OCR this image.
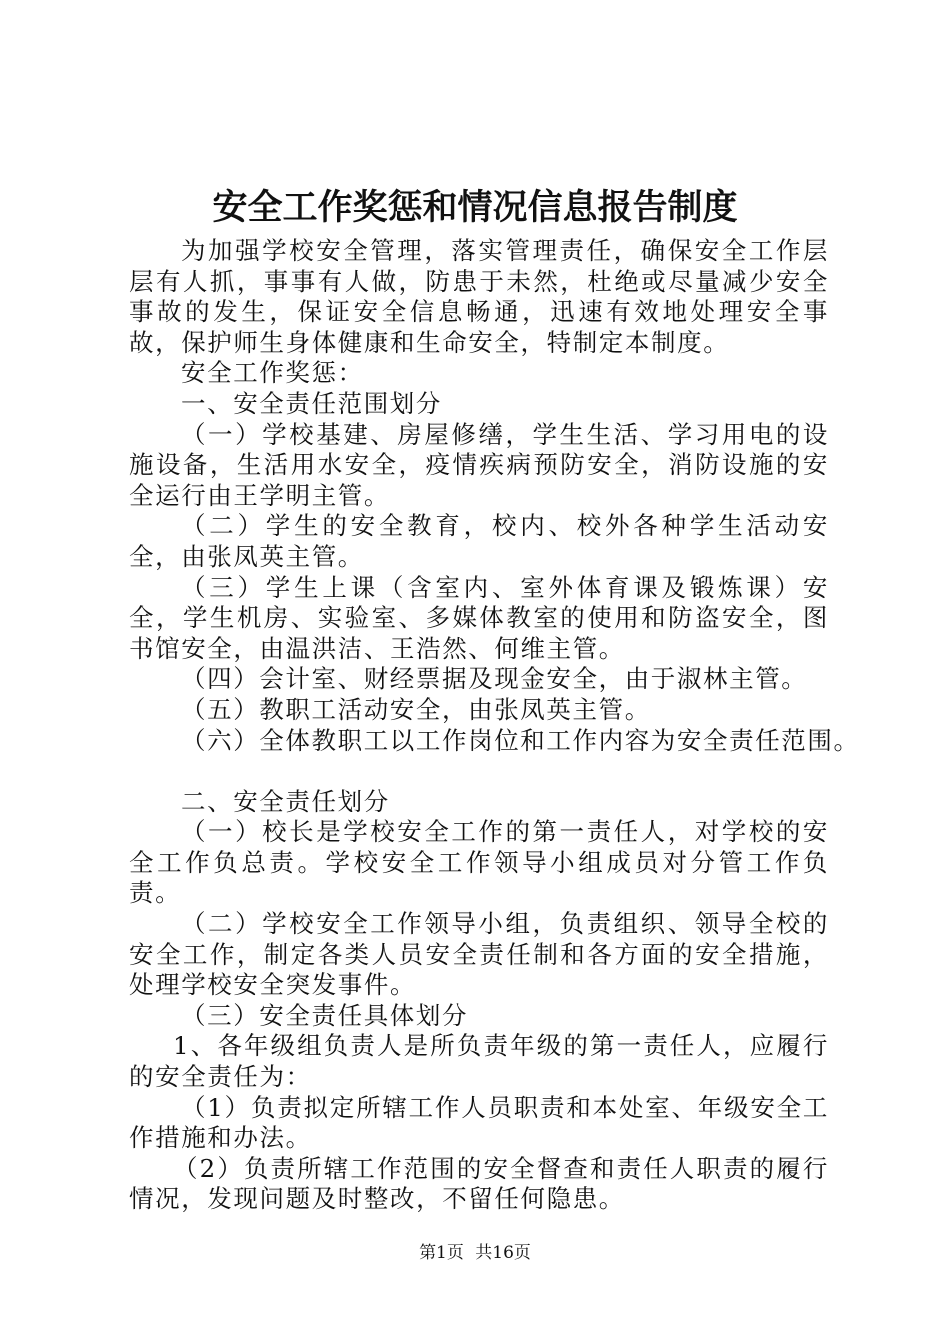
安全工作奖惩和情况信息报告制度

为加强学校安全管理，落实管理责任，确保安全工作层层有人抓，事事有人做，防患于未然，杜绝或尽量减少安全事故的发生，保证安全信息畅通，迅速有效地处理安全事故，保护师生身体健康和生命安全，特制定本制度。

安全工作奖惩：

一、安全责任范围划分

（一）学校基建、房屋修缮，学生生活、学习用电的设施设备，生活用水安全，疫情疾病预防安全，消防设施的安全运行由王学明主管。

（二）学生的安全教育，校内、校外各种学生活动安全，由张凤英主管。

（三）学生上课（含室内、室外体育课及锻炼课）安全，学生机房、实验室、多媒体教室的使用和防盗安全，图书馆安全，由温洪洁、王浩然、何维主管。

（四）会计室、财经票据及现金安全，由于淑林主管。

（五）教职工活动安全，由张凤英主管。

（六）全体教职工以工作岗位和工作内容为安全责任范围。

二、安全责任划分

（一）校长是学校安全工作的第一责任人，对学校的安全工作负总责。学校安全工作领导小组成员对分管工作负责。

（二）学校安全工作领导小组，负责组织、领导全校的安全工作，制定各类人员安全责任制和各方面的安全措施，处理学校安全突发事件。

（三）安全责任具体划分

1、各年级组负责人是所负责年级的第一责任人，应履行的安全责任为：

（1）负责拟定所辖工作人员职责和本处室、年级安全工作措施和办法。

（2）负责所辖工作范围的安全督查和责任人职责的履行情况，发现问题及时整改，不留任何隐患。

第1页 共16页
